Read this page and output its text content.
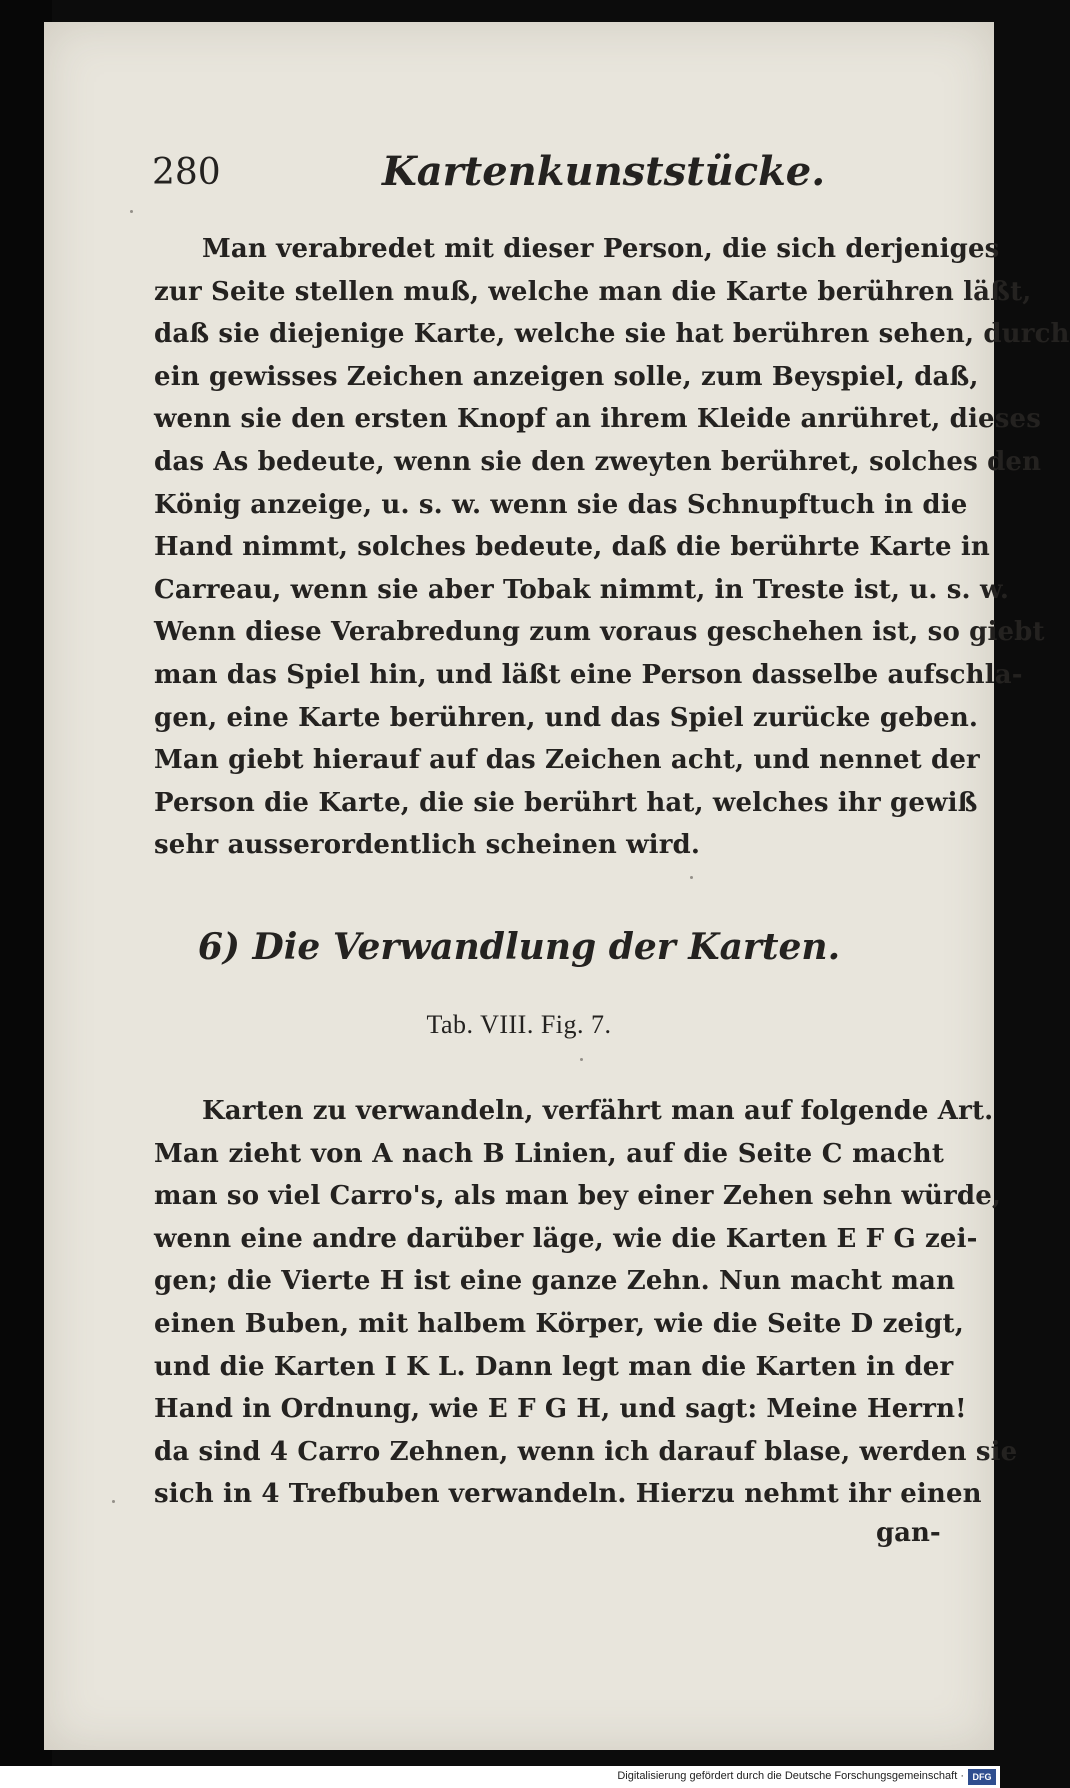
280	Kartenkunststücke.
Man verabredet mit dieser Person, die sich derjeniges
zur Seite stellen muß, welche man die Karte berühren läßt,
daß sie diejenige Karte, welche sie hat berühren sehen, durch
ein gewisses Zeichen anzeigen solle, zum Beyspiel, daß,
wenn sie den ersten Knopf an ihrem Kleide anrühret, dieses
das As bedeute, wenn sie den zweyten berühret, solches den
König anzeige, u. s. w. wenn sie das Schnupftuch in die
Hand nimmt, solches bedeute, daß die berührte Karte in
Carreau, wenn sie aber Tobak nimmt, in Treste ist, u. s. w.
Wenn diese Verabredung zum voraus geschehen ist, so giebt
man das Spiel hin, und läßt eine Person dasselbe aufschla-
gen, eine Karte berühren, und das Spiel zurücke geben.
Man giebt hierauf auf das Zeichen acht, und nennet der
Person die Karte, die sie berührt hat, welches ihr gewiß
sehr ausserordentlich scheinen wird.
6) Die Verwandlung der Karten.

Tab. VIII. Fig. 7.

Karten zu verwandeln, verfährt man auf folgende Art.
Man zieht von A nach B Linien, auf die Seite C macht
man so viel Carro's, als man bey einer Zehen sehn würde,
wenn eine andre darüber läge, wie die Karten E F G zei-
gen; die Vierte H ist eine ganze Zehn. Nun macht man
einen Buben, mit halbem Körper, wie die Seite D zeigt,
und die Karten I K L. Dann legt man die Karten in der
Hand in Ordnung, wie E F G H, und sagt: Meine Herrn!
da sind 4 Carro Zehnen, wenn ich darauf blase, werden sie
sich in 4 Trefbuben verwandeln. Hierzu nehmt ihr einen
gan-
Digitalisierung gefördert durch die Deutsche Forschungsgemeinschaft · DFG
